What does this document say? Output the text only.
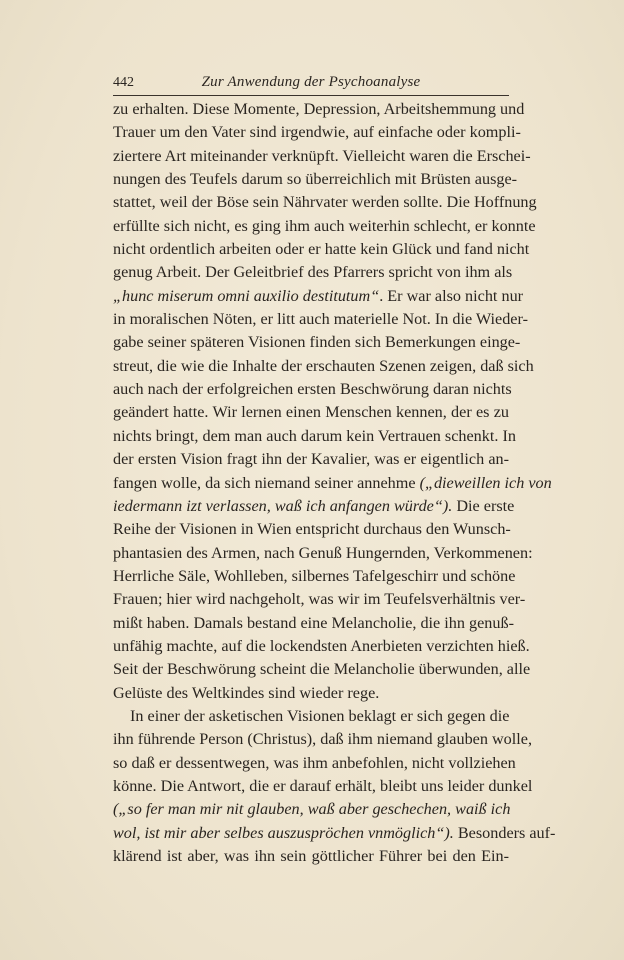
442	Zur Anwendung der Psychoanalyse
zu erhalten. Diese Momente, Depression, Arbeitshemmung und
Trauer um den Vater sind irgendwie, auf einfache oder kompli-
ziertere Art miteinander verknüpft. Vielleicht waren die Erschei-
nungen des Teufels darum so überreichlich mit Brüsten ausge-
stattet, weil der Böse sein Nährvater werden sollte. Die Hoffnung
erfüllte sich nicht, es ging ihm auch weiterhin schlecht, er konnte
nicht ordentlich arbeiten oder er hatte kein Glück und fand nicht
genug Arbeit. Der Geleitbrief des Pfarrers spricht von ihm als
„hunc miserum omni auxilio destitutum“. Er war also nicht nur
in moralischen Nöten, er litt auch materielle Not. In die Wieder-
gabe seiner späteren Visionen finden sich Bemerkungen einge-
streut, die wie die Inhalte der erschauten Szenen zeigen, daß sich
auch nach der erfolgreichen ersten Beschwörung daran nichts
geändert hatte. Wir lernen einen Menschen kennen, der es zu
nichts bringt, dem man auch darum kein Vertrauen schenkt. In
der ersten Vision fragt ihn der Kavalier, was er eigentlich an-
fangen wolle, da sich niemand seiner annehme („dieweillen ich von
iedermann izt verlassen, waß ich anfangen würde“). Die erste
Reihe der Visionen in Wien entspricht durchaus den Wunsch-
phantasien des Armen, nach Genuß Hungernden, Verkommenen:
Herrliche Säle, Wohlleben, silbernes Tafelgeschirr und schöne
Frauen; hier wird nachgeholt, was wir im Teufelsverhältnis ver-
mißt haben. Damals bestand eine Melancholie, die ihn genuß-
unfähig machte, auf die lockendsten Anerbieten verzichten hieß.
Seit der Beschwörung scheint die Melancholie überwunden, alle
Gelüste des Weltkindes sind wieder rege.
In einer der asketischen Visionen beklagt er sich gegen die
ihn führende Person (Christus), daß ihm niemand glauben wolle,
so daß er dessentwegen, was ihm anbefohlen, nicht vollziehen
könne. Die Antwort, die er darauf erhält, bleibt uns leider dunkel
(„so fer man mir nit glauben, waß aber geschechen, waiß ich
wol, ist mir aber selbes auszuspröchen vnmöglich“). Besonders auf-
klärend ist aber, was ihn sein göttlicher Führer bei den Ein-
